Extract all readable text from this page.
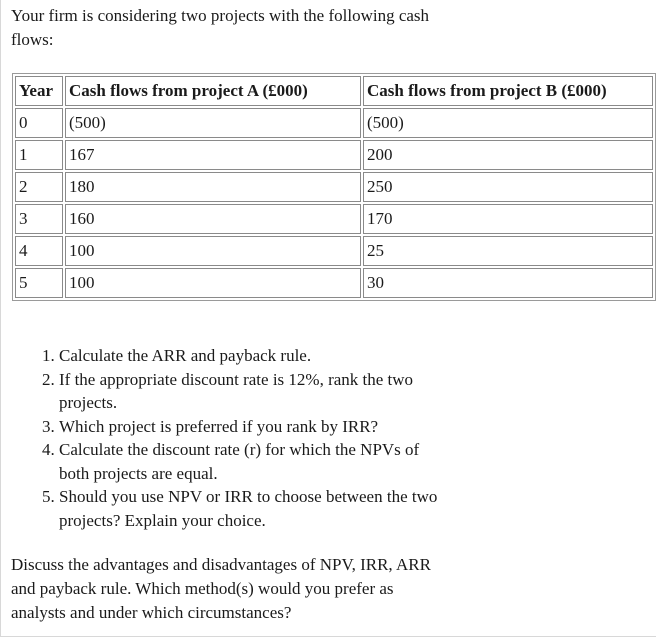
Your firm is considering two projects with the following cash flows:
Year	Cash flows from project A (£000)	Cash flows from project B (£000)
0	(500)	(500)
1	167	200
2	180	250
3	160	170
4	100	25
5	100	30
1. Calculate the ARR and payback rule.
2. If the appropriate discount rate is 12%, rank the two projects.
3. Which project is preferred if you rank by IRR?
4. Calculate the discount rate (r) for which the NPVs of both projects are equal.
5. Should you use NPV or IRR to choose between the two projects? Explain your choice.
Discuss the advantages and disadvantages of NPV, IRR, ARR and payback rule. Which method(s) would you prefer as analysts and under which circumstances?
